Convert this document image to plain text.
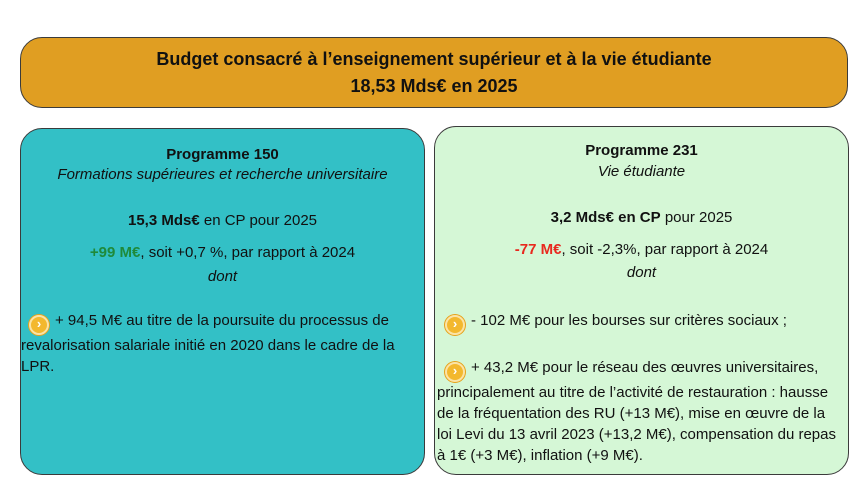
Budget consacré à l’enseignement supérieur et à la vie étudiante
18,53 Mds€ en 2025
Programme 150
Formations supérieures et recherche universitaire
15,3 Mds€ en CP pour 2025
+99 M€, soit +0,7 %, par rapport à 2024
dont
› + 94,5 M€ au titre de la poursuite du processus de revalorisation salariale initié en 2020 dans le cadre de la LPR.
Programme 231
Vie étudiante
3,2 Mds€ en CP pour 2025
-77 M€, soit -2,3%, par rapport à 2024
dont
› - 102 M€ pour les bourses sur critères sociaux ;
› + 43,2 M€ pour le réseau des œuvres universitaires, principalement au titre de l’activité de restauration : hausse de la fréquentation des RU (+13 M€), mise en œuvre de la loi Levi du 13 avril 2023 (+13,2 M€), compensation du repas à 1€ (+3 M€), inflation (+9 M€).
